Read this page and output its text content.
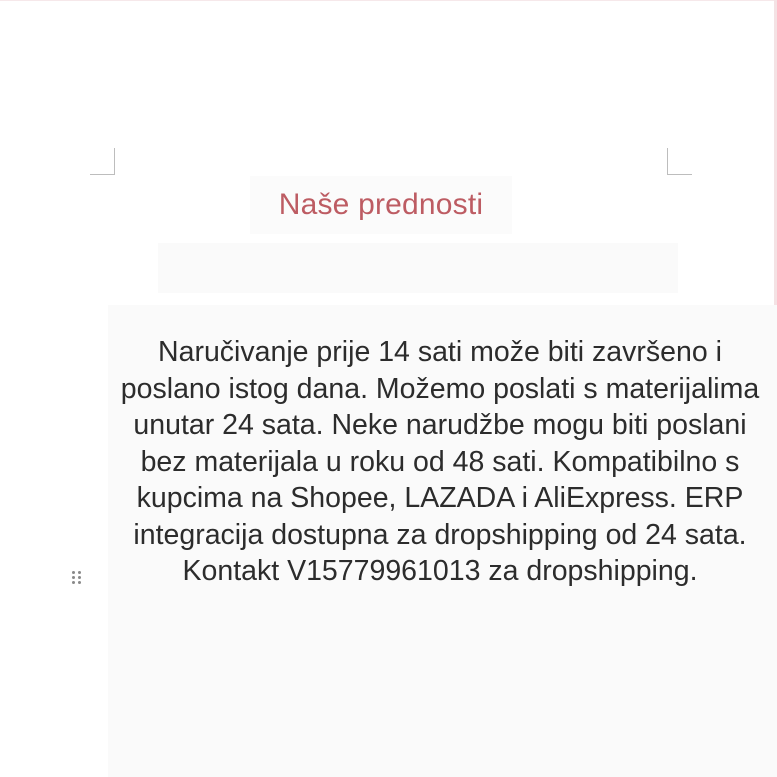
Naše prednosti

Naručivanje prije 14 sati može biti završeno i poslano istog dana. Možemo poslati s materijalima unutar 24 sata. Neke narudžbe mogu biti poslani bez materijala u roku od 48 sati. Kompatibilno s kupcima na Shopee, LAZADA i AliExpress. ERP integracija dostupna za dropshipping od 24 sata. Kontakt V15779961013 za dropshipping.
